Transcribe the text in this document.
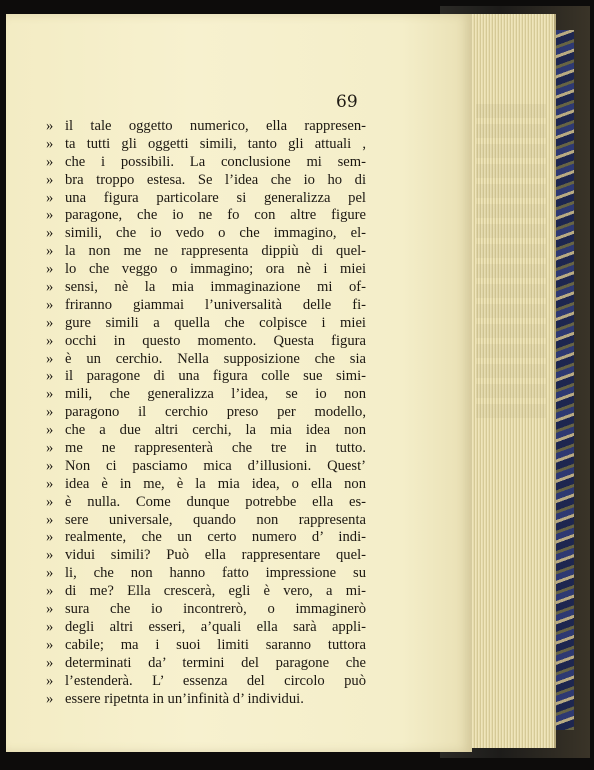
69
» il tale oggetto numerico, ella rappresen-
» ta tutti gli oggetti simili, tanto gli attuali ,
» che i possibili. La conclusione mi sem-
» bra troppo estesa. Se l’idea che io ho di
» una figura particolare si generalizza pel
» paragone, che io ne fo con altre figure
» simili, che io vedo o che immagino, el-
» la non me ne rappresenta dippiù di quel-
» lo che veggo o immagino; ora nè i miei
» sensi, nè la mia immaginazione mi of-
» friranno giammai l’universalità delle fi-
» gure simili a quella che colpisce i miei
» occhi in questo momento. Questa figura
» è un cerchio. Nella supposizione che sia
» il paragone di una figura colle sue simi-
» mili, che generalizza l’idea, se io non
» paragono il cerchio preso per modello,
» che a due altri cerchi, la mia idea non
» me ne rappresenterà che tre in tutto.
» Non ci pasciamo mica d’illusioni. Quest’
» idea è in me, è la mia idea, o ella non
» è nulla. Come dunque potrebbe ella es-
» sere universale, quando non rappresenta
» realmente, che un certo numero d’ indi-
» vidui simili? Può ella rappresentare quel-
» li, che non hanno fatto impressione su
» di me? Ella crescerà, egli è vero, a mi-
» sura che io incontrerò, o immaginerò
» degli altri esseri, a’quali ella sarà appli-
» cabile; ma i suoi limiti saranno tuttora
» determinati da’ termini del paragone che
» l’estenderà. L’ essenza del circolo può
» essere ripetnta in un’infinità d’ individui.
